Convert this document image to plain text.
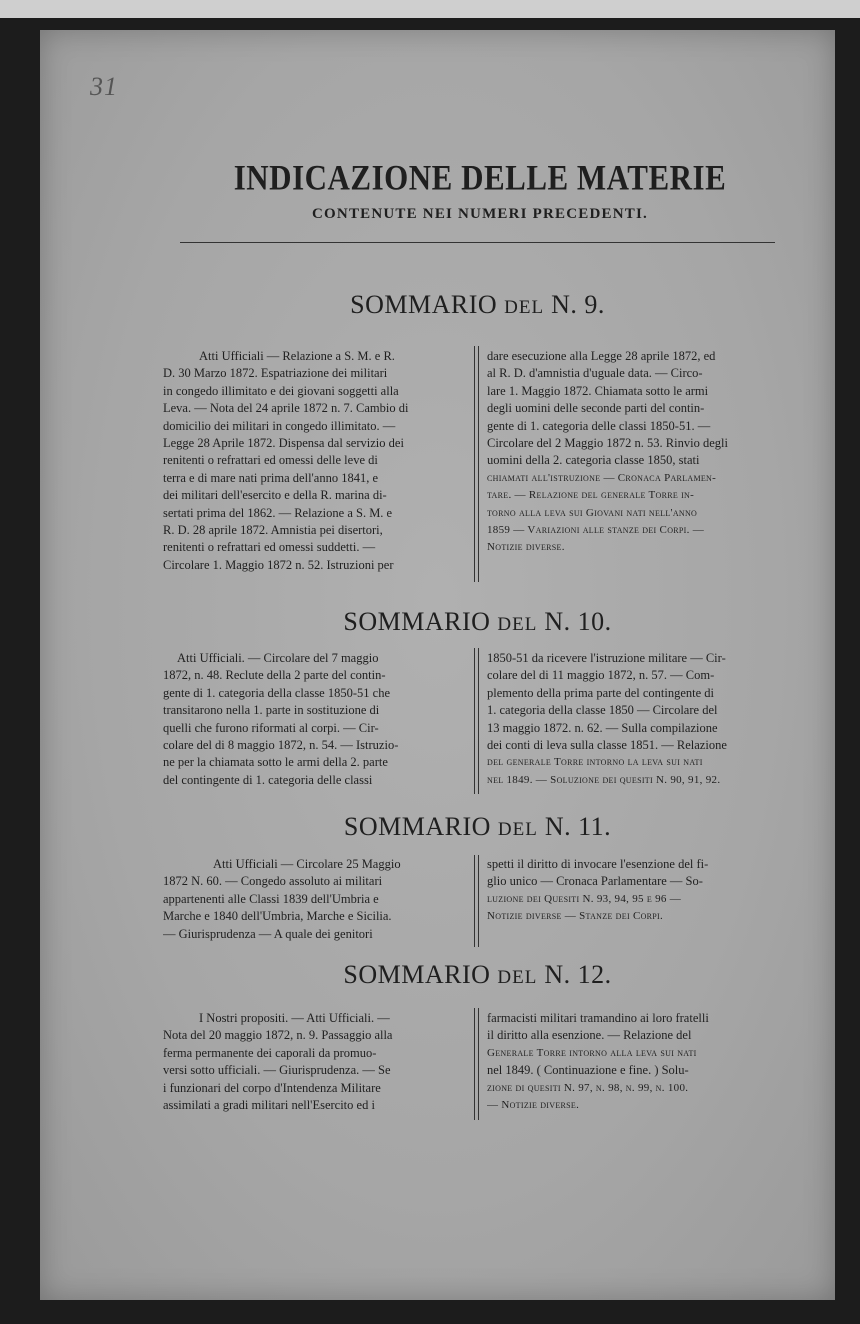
31
INDICAZIONE DELLE MATERIE
CONTENUTE NEI NUMERI PRECEDENTI.
SOMMARIO DEL N. 9.
Atti Ufficiali — Relazione a S. M. e R.
D. 30 Marzo 1872. Espatriazione dei militari
in congedo illimitato e dei giovani soggetti alla
Leva. — Nota del 24 aprile 1872 n. 7. Cambio di
domicilio dei militari in congedo illimitato. —
Legge 28 Aprile 1872. Dispensa dal servizio dei
renitenti o refrattari ed omessi delle leve di
terra e di mare nati prima dell'anno 1841, e
dei militari dell'esercito e della R. marina di-
sertati prima del 1862. — Relazione a S. M. e
R. D. 28 aprile 1872. Amnistia pei disertori,
renitenti o refrattari ed omessi suddetti. —
Circolare 1. Maggio 1872 n. 52. Istruzioni per
dare esecuzione alla Legge 28 aprile 1872, ed
al R. D. d'amnistia d'uguale data. — Circo-
lare 1. Maggio 1872. Chiamata sotto le armi
degli uomini delle seconde parti del contin-
gente di 1. categoria delle classi 1850-51. —
Circolare del 2 Maggio 1872 n. 53. Rinvio degli
uomini della 2. categoria classe 1850, stati
chiamati all'istruzione — Cronaca Parlamen-
tare. — Relazione del generale Torre in-
torno alla leva sui Giovani nati nell'anno
1859 — Variazioni alle stanze dei Corpi. —
Notizie diverse.
SOMMARIO DEL N. 10.
Atti Ufficiali. — Circolare del 7 maggio
1872, n. 48. Reclute della 2 parte del contin-
gente di 1. categoria della classe 1850-51 che
transitarono nella 1. parte in sostituzione di
quelli che furono riformati al corpi. — Cir-
colare del di 8 maggio 1872, n. 54. — Istruzio-
ne per la chiamata sotto le armi della 2. parte
del contingente di 1. categoria delle classi
1850-51 da ricevere l'istruzione militare — Cir-
colare del di 11 maggio 1872, n. 57. — Com-
plemento della prima parte del contingente di
1. categoria della classe 1850 — Circolare del
13 maggio 1872. n. 62. — Sulla compilazione
dei conti di leva sulla classe 1851. — Relazione
del generale Torre intorno la leva sui nati
nel 1849. — Soluzione dei quesiti N. 90, 91, 92.
SOMMARIO DEL N. 11.
Atti Ufficiali — Circolare 25 Maggio
1872 N. 60. — Congedo assoluto ai militari
appartenenti alle Classi 1839 dell'Umbria e
Marche e 1840 dell'Umbria, Marche e Sicilia.
— Giurisprudenza — A quale dei genitori
spetti il diritto di invocare l'esenzione del fi-
glio unico — Cronaca Parlamentare — So-
luzione dei Quesiti N. 93, 94, 95 e 96 —
Notizie diverse — Stanze dei Corpi.
SOMMARIO DEL N. 12.
I Nostri propositi. — Atti Ufficiali. —
Nota del 20 maggio 1872, n. 9. Passaggio alla
ferma permanente dei caporali da promuo-
versi sotto ufficiali. — Giurisprudenza. — Se
i funzionari del corpo d'Intendenza Militare
assimilati a gradi militari nell'Esercito ed i
farmacisti militari tramandino ai loro fratelli
il diritto alla esenzione. — Relazione del
Generale Torre intorno alla leva sui nati
nel 1849. ( Continuazione e fine. ) Solu-
zione di quesiti N. 97, n. 98, n. 99, n. 100.
— Notizie diverse.
